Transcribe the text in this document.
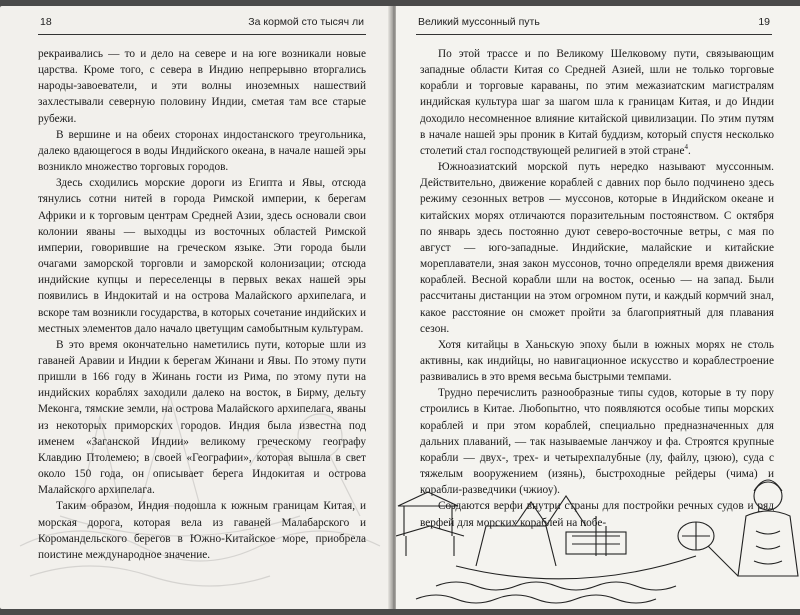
18	За кормой сто тысяч ли

рекраивались — то и дело на севере и на юге возникали новые царства. Кроме того, с севера в Индию непрерывно вторгались народы-завоеватели, и эти волны иноземных нашествий захлестывали северную половину Индии, сметая там все старые рубежи.

В вершине и на обеих сторонах индостанского треугольника, далеко вдающегося в воды Индийского океана, в начале нашей эры возникло множество торговых городов.

Здесь сходились морские дороги из Египта и Явы, отсюда тянулись сотни нитей в города Римской империи, к берегам Африки и к торговым центрам Средней Азии, здесь основали свои колонии яваны — выходцы из восточных областей Римской империи, говорившие на греческом языке. Эти города были очагами заморской торговли и заморской колонизации; отсюда индийские купцы и переселенцы в первых веках нашей эры появились в Индокитай и на острова Малайского архипелага, и вскоре там возникли государства, в которых сочетание индийских и местных элементов дало начало цветущим самобытным культурам.

В это время окончательно наметились пути, которые шли из гаваней Аравии и Индии к берегам Жинани и Явы. По этому пути пришли в 166 году в Жинань гости из Рима, по этому пути на индийских кораблях заходили далеко на восток, в Бирму, дельту Меконга, тямские земли, на острова Малайского архипелага, яваны из некоторых приморских городов. Индия была известна под именем «Заганской Индии» великому греческому географу Клавдию Птолемею; в своей «Географии», которая вышла в свет около 150 года, он описывает берега Индокитая и острова Малайского архипелага.

Таким образом, Индия подошла к южным границам Китая, и морская дорога, которая вела из гаваней Малабарского и Коромандельского берегов в Южно-Китайское море, приобрела поистине международное значение.

Великий муссонный путь	19

По этой трассе и по Великому Шелковому пути, связывающим западные области Китая со Средней Азией, шли не только торговые корабли и торговые караваны, по этим межазиатским магистралям индийская культура шаг за шагом шла к границам Китая, и до Индии доходило несомненное влияние китайской цивилизации. По этим путям в начале нашей эры проник в Китай буддизм, который спустя несколько столетий стал господствующей религией в этой стране$^4$.

Южноазиатский морской путь нередко называют муссонным. Действительно, движение кораблей с давних пор было подчинено здесь режиму сезонных ветров — муссонов, которые в Индийском океане и китайских морях отличаются поразительным постоянством. С октября по январь здесь постоянно дуют северо-восточные ветры, с мая по август — юго-западные. Индийские, малайские и китайские мореплаватели, зная закон муссонов, точно определяли время движения кораблей. Весной корабли шли на восток, осенью — на запад. Были рассчитаны дистанции на этом огромном пути, и каждый кормчий знал, какое расстояние он сможет пройти за благоприятный для плавания сезон.

Хотя китайцы в Ханьскую эпоху были в южных морях не столь активны, как индийцы, но навигационное искусство и кораблестроение развивались в это время весьма быстрыми темпами.

Трудно перечислить разнообразные типы судов, которые в ту пору строились в Китае. Любопытно, что появляются особые типы морских кораблей и при этом кораблей, специально предназначенных для дальних плаваний, — так называемые ланчжоу и фа. Строятся крупные корабли — двух-, трех- и четырехпалубные (лу, файлу, цзюю), суда с тяжелым вооружением (изянь), быстроходные рейдеры (чима) и корабли-разведчики (чжиоу).

Создаются верфи внутри страны для постройки речных судов и ряд верфей для морских кораблей на побе-
